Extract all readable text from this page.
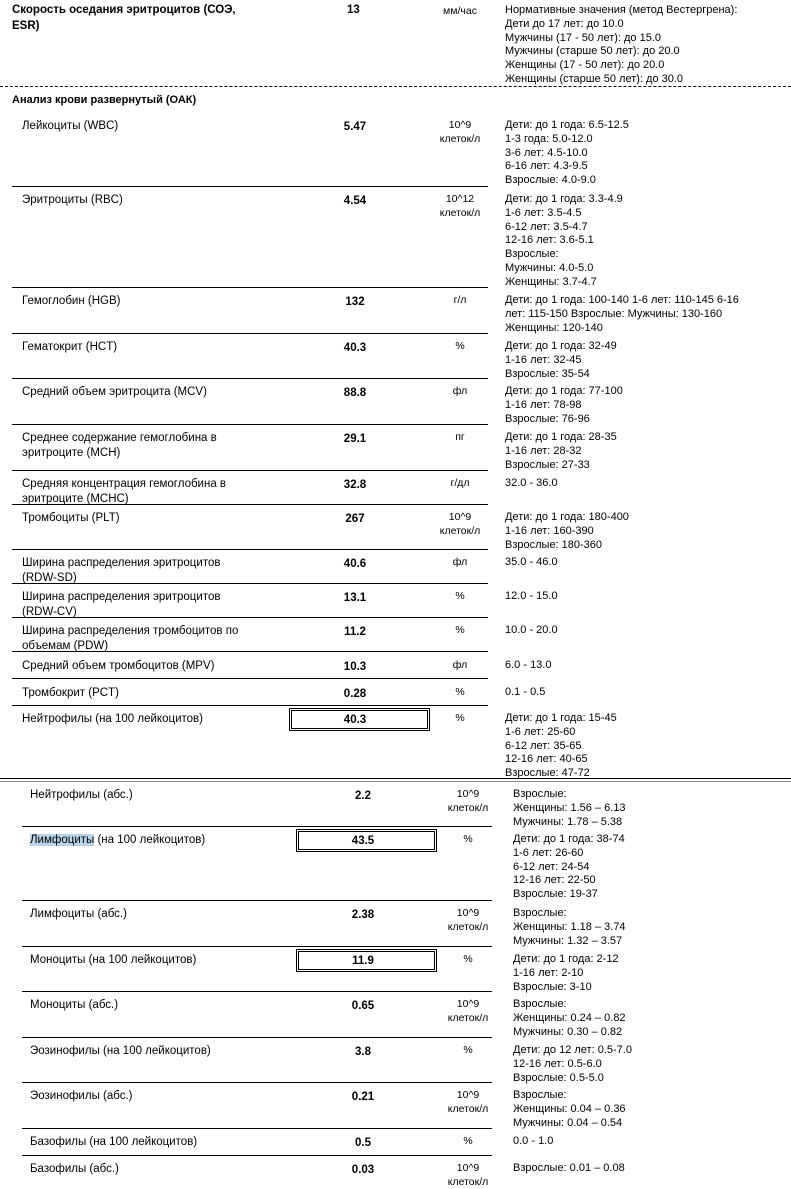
Скорость оседания эритроцитов (СОЭ,
ESR)
13	мм/час	Нормативные значения (метод Вестергрена):
Дети до 17 лет: до 10.0
Мужчины (17 - 50 лет): до 15.0
Мужчины (старше 50 лет): до 20.0
Женщины (17 - 50 лет): до 20.0
Женщины (старше 50 лет): до 30.0
Анализ крови развернутый (ОАК)
Лейкоциты (WBC)	5.47	10^9
клеток/л
Дети: до 1 года: 6.5-12.5
1-3 года: 5.0-12.0
3-6 лет: 4.5-10.0
6-16 лет: 4.3-9.5
Взрослые: 4.0-9.0
Эритроциты (RBC)	4.54	10^12
клеток/л
Дети: до 1 года: 3.3-4.9
1-6 лет: 3.5-4.5
6-12 лет: 3.5-4.7
12-16 лет: 3.6-5.1
Взрослые:
Мужчины: 4.0-5.0
Женщины: 3.7-4.7
Гемоглобин (HGB)	132	г/л	Дети: до 1 года: 100-140 1-6 лет: 110-145 6-16
лет: 115-150 Взрослые: Мужчины: 130-160
Женщины: 120-140
Гематокрит (HCT)	40.3	%	Дети: до 1 года: 32-49
1-16 лет: 32-45
Взрослые: 35-54
Средний объем эритроцита (MCV)	88.8	фл	Дети: до 1 года: 77-100
1-16 лет: 78-98
Взрослые: 76-96
Среднее содержание гемоглобина в
эритроците (MCH)
29.1	пг	Дети: до 1 года: 28-35
1-16 лет: 28-32
Взрослые: 27-33
Средняя концентрация гемоглобина в
эритроците (MCHC)
32.8	г/дл	32.0 - 36.0
Тромбоциты (PLT)	267	10^9
клеток/л
Дети: до 1 года: 180-400
1-16 лет: 160-390
Взрослые: 180-360
Ширина распределения эритроцитов
(RDW-SD)
40.6	фл	35.0 - 46.0
Ширина распределения эритроцитов
(RDW-CV)
13.1	%	12.0 - 15.0
Ширина распределения тромбоцитов по
объемам (PDW)
11.2	%	10.0 - 20.0
Средний объем тромбоцитов (MPV)	10.3	фл	6.0 - 13.0
Тромбокрит (PCT)	0.28	%	0.1 - 0.5
Нейтрофилы (на 100 лейкоцитов)	40.3	%	Дети: до 1 года: 15-45
1-6 лет: 25-60
6-12 лет: 35-65
12-16 лет: 40-65
Взрослые: 47-72
Нейтрофилы (абс.)	2.2	10^9
клеток/л
Взрослые:
Женщины: 1.56 – 6.13
Мужчины: 1.78 – 5.38
Лимфоциты (на 100 лейкоцитов)	43.5	%	Дети: до 1 года: 38-74
1-6 лет: 26-60
6-12 лет: 24-54
12-16 лет: 22-50
Взрослые: 19-37
Лимфоциты (абс.)	2.38	10^9
клеток/л
Взрослые:
Женщины: 1.18 – 3.74
Мужчины: 1.32 – 3.57
Моноциты (на 100 лейкоцитов)	11.9	%	Дети: до 1 года: 2-12
1-16 лет: 2-10
Взрослые: 3-10
Моноциты (абс.)	0.65	10^9
клеток/л
Взрослые:
Женщины: 0.24 – 0.82
Мужчины: 0.30 – 0.82
Эозинофилы (на 100 лейкоцитов)	3.8	%	Дети: до 12 лет: 0.5-7.0
12-16 лет: 0.5-6.0
Взрослые: 0.5-5.0
Эозинофилы (абс.)	0.21	10^9
клеток/л
Взрослые:
Женщины: 0.04 – 0.36
Мужчины: 0.04 – 0.54
Базофилы (на 100 лейкоцитов)	0.5	%	0.0 - 1.0
Базофилы (абс.)	0.03	10^9
клеток/л
Взрослые: 0.01 – 0.08
